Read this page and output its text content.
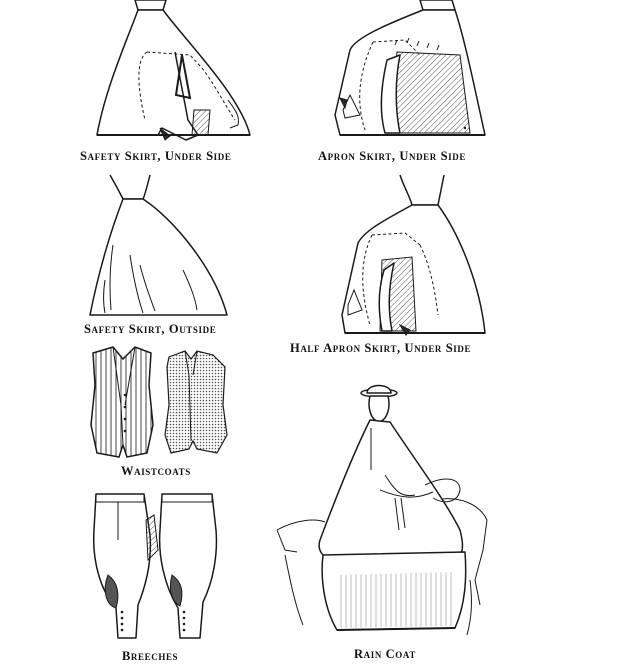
Safety Skirt, Under Side	Apron Skirt, Under Side
Safety Skirt, Outside
Half Apron Skirt, Under Side
Waistcoats
Breeches	Rain Coat
